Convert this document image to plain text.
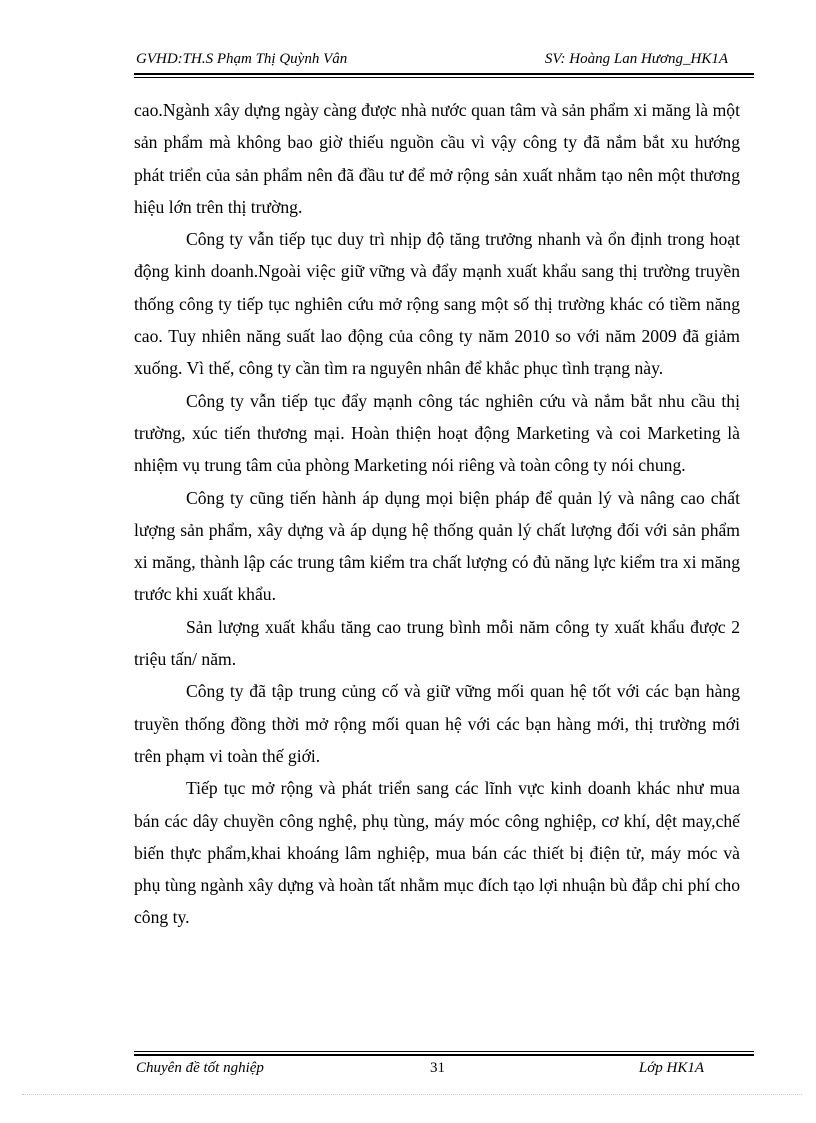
GVHD:TH.S Phạm Thị Quỳnh Vân	SV: Hoàng Lan Hương_HK1A

cao.Ngành xây dựng ngày càng được nhà nước quan tâm và sản phẩm xi măng là một sản phẩm mà không bao giờ thiếu nguồn cầu vì vậy công ty đã nắm bắt xu hướng phát triển của sản phẩm nên đã đầu tư để mở rộng sản xuất nhằm tạo nên một thương hiệu lớn trên thị trường.

Công ty vẫn tiếp tục duy trì nhịp độ tăng trưởng nhanh và ổn định trong hoạt động kinh doanh.Ngoài việc giữ vững và đẩy mạnh xuất khẩu sang thị trường truyền thống công ty tiếp tục nghiên cứu mở rộng sang một số thị trường khác có tiềm năng cao. Tuy nhiên năng suất lao động của công ty năm 2010 so với năm 2009 đã giảm xuống. Vì thế, công ty cần tìm ra nguyên nhân để khắc phục tình trạng này.

Công ty vẫn tiếp tục đẩy mạnh công tác nghiên cứu và nắm bắt nhu cầu thị trường, xúc tiến thương mại. Hoàn thiện hoạt động Marketing và coi Marketing là nhiệm vụ trung tâm của phòng Marketing nói riêng và toàn công ty nói chung.

Công ty cũng tiến hành áp dụng mọi biện pháp để quản lý và nâng cao chất lượng sản phẩm, xây dựng và áp dụng hệ thống quản lý chất lượng đối với sản phẩm xi măng, thành lập các trung tâm kiểm tra chất lượng có đủ năng lực kiểm tra xi măng trước khi xuất khẩu.

Sản lượng xuất khẩu tăng cao trung bình mỗi năm công ty xuất khẩu được 2 triệu tấn/ năm.

Công ty đã tập trung củng cố và giữ vững mối quan hệ tốt với các bạn hàng truyền thống đồng thời mở rộng mối quan hệ với các bạn hàng mới, thị trường mới trên phạm vi toàn thế giới.

Tiếp tục mở rộng và phát triển sang các lĩnh vực kinh doanh khác như mua bán các dây chuyền công nghệ, phụ tùng, máy móc công nghiệp, cơ khí, dệt may,chế biến thực phẩm,khai khoáng lâm nghiệp, mua bán các thiết bị điện tử, máy móc và phụ tùng ngành xây dựng và hoàn tất nhằm mục đích tạo lợi nhuận bù đắp chi phí cho công ty.

Chuyên đề tốt nghiệp	31	Lớp HK1A
